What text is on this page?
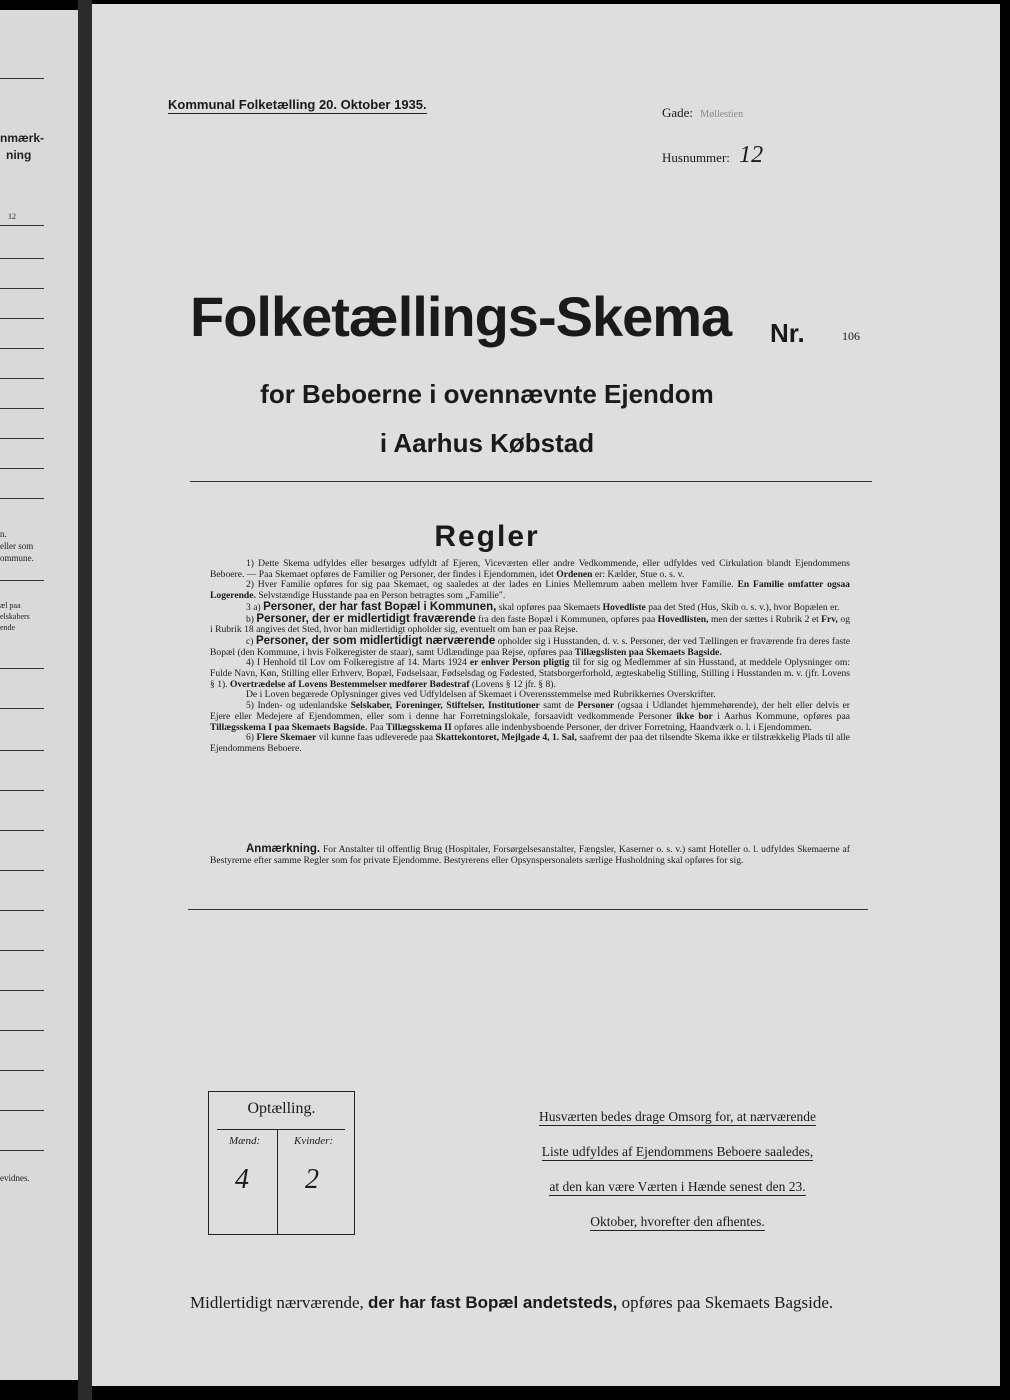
nmærk-
ning
12
n.
eller som
ommune.
æl paa
elskabers
ende
evidnes.
Kommunal Folketælling 20. Oktober 1935.
Gade: Møllestien
Husnummer: 12
Folketællings-Skema Nr.	106
for Beboerne i ovennævnte Ejendom
i Aarhus Købstad
Regler

1) Dette Skema udfyldes eller besørges udfyldt af Ejeren, Viceværten eller andre Vedkommende, eller udfyldes ved Cirkulation blandt Ejendommens Beboere. — Paa Skemaet opføres de Familier og Personer, der findes i Ejendommen, idet Ordenen er: Kælder, Stue o. s. v.

2) Hver Familie opføres for sig paa Skemaet, og saaledes at der lades en Linies Mellemrum aaben mellem hver Familie. En Familie omfatter ogsaa Logerende. Selvstændige Husstande paa en Person betragtes som „Familie".

3 a) Personer, der har fast Bopæl i Kommunen, skal opføres paa Skemaets Hovedliste paa det Sted (Hus, Skib o. s. v.), hvor Bopælen er.

b) Personer, der er midlertidigt fraværende fra den faste Bopæl i Kommunen, opføres paa Hovedlisten, men der sættes i Rubrik 2 et Frv, og i Rubrik 18 angives det Sted, hvor han midlertidigt opholder sig, eventuelt om han er paa Rejse.

c) Personer, der som midlertidigt nærværende opholder sig i Husstanden, d. v. s. Personer, der ved Tællingen er fraværende fra deres faste Bopæl (den Kommune, i hvis Folkeregister de staar), samt Udlændinge paa Rejse, opføres paa Tillægslisten paa Skemaets Bagside.

4) I Henhold til Lov om Folkeregistre af 14. Marts 1924 er enhver Person pligtig til for sig og Medlemmer af sin Husstand, at meddele Oplysninger om: Fulde Navn, Køn, Stilling eller Erhverv, Bopæl, Fødselsaar, Fødselsdag og Fødested, Statsborgerforhold, ægteskabelig Stilling, Stilling i Husstanden m. v. (jfr. Lovens § 1). Overtrædelse af Lovens Bestemmelser medfører Bødestraf (Lovens § 12 jfr. § 8).

De i Loven begærede Oplysninger gives ved Udfyldelsen af Skemaet i Overensstemmelse med Rubrikkernes Overskrifter.

5) Inden- og udenlandske Selskaber, Foreninger, Stiftelser, Institutioner samt de Personer (ogsaa i Udlandet hjemmehørende), der helt eller delvis er Ejere eller Medejere af Ejendommen, eller som i denne har Forretningslokale, forsaavidt vedkommende Personer ikke bor i Aarhus Kommune, opføres paa Tillægsskema I paa Skemaets Bagside. Paa Tillægsskema II opføres alle indenbysboende Personer, der driver Forretning, Haandværk o. l. i Ejendommen.

6) Flere Skemaer vil kunne faas udleverede paa Skattekontoret, Mejlgade 4, 1. Sal, saafremt der paa det tilsendte Skema ikke er tilstrækkelig Plads til alle Ejendommens Beboere.

Anmærkning. For Anstalter til offentlig Brug (Hospitaler, Forsørgelsesanstalter, Fængsler, Kaserner o. s. v.) samt Hoteller o. l. udfyldes Skemaerne af Bestyrerne efter samme Regler som for private Ejendomme. Bestyrerens eller Opsynspersonalets særlige Husholdning skal opføres for sig.

Optælling.
Mænd:	Kvinder:
4 2
Husværten bedes drage Omsorg for, at nærværende
Liste udfyldes af Ejendommens Beboere saaledes,
at den kan være Værten i Hænde senest den 23.
Oktober, hvorefter den afhentes.
Midlertidigt nærværende, der har fast Bopæl andetsteds, opføres paa Skemaets Bagside.
